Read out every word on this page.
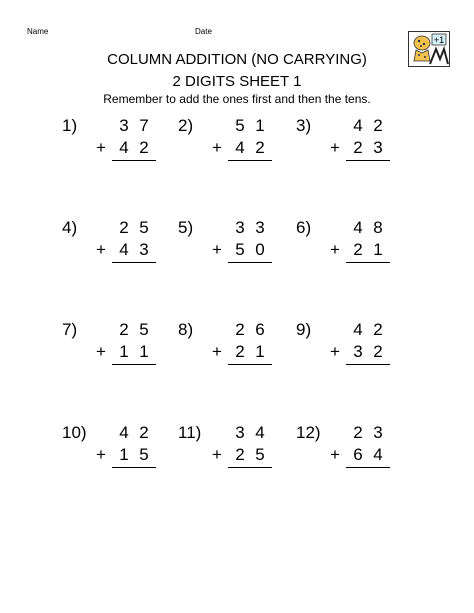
Name	Date
+1
COLUMN ADDITION (NO CARRYING)
2 DIGITS SHEET 1
Remember to add the ones first and then the tens.
1) 3 7
+ 4 2
2) 5 1
+ 4 2
3) 4 2
+ 2 3
4) 2 5
+ 4 3
5) 3 3
+ 5 0
6) 4 8
+ 2 1
7) 2 5
+ 1 1
8) 2 6
+ 2 1
9) 4 2
+ 3 2
10) 4 2
+ 1 5
11) 3 4
+ 2 5
12) 2 3
+ 6 4
